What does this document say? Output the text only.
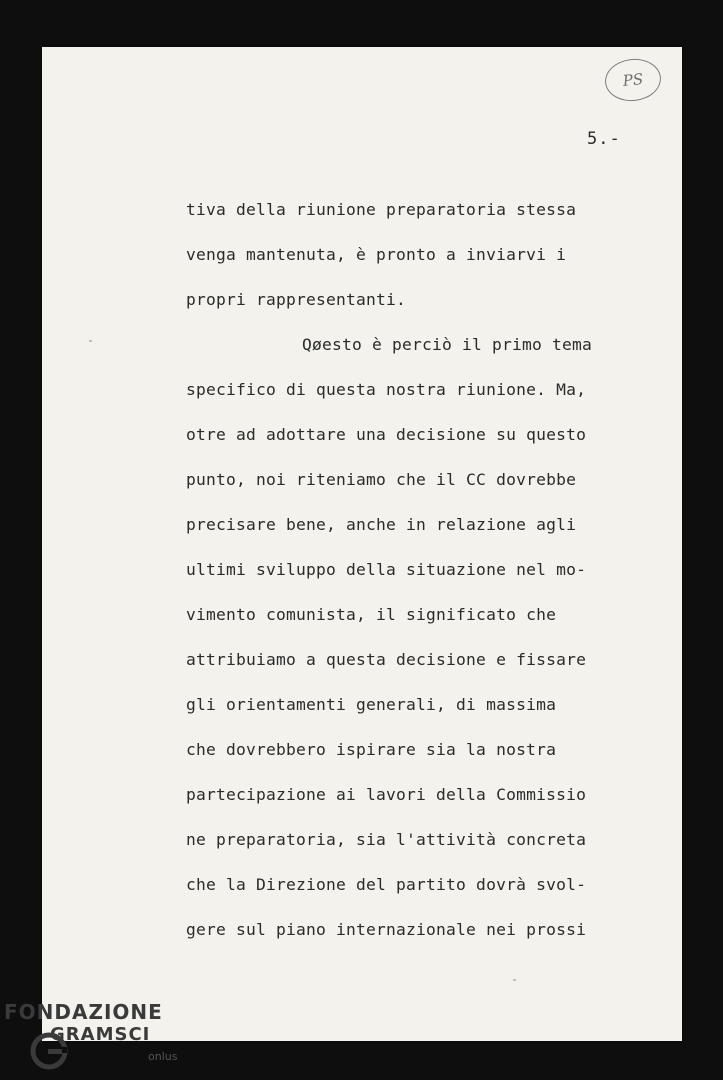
PS
5.-
tiva della riunione preparatoria stessa
venga mantenuta, è pronto a inviarvi i
propri rappresentanti.
Qøesto è perciò il primo tema
specifico di questa nostra riunione. Ma,
otre ad adottare una decisione su questo
punto, noi riteniamo che il CC dovrebbe
precisare bene, anche in relazione agli
ultimi sviluppo della situazione nel mo-
vimento comunista, il significato che
attribuiamo a questa decisione e fissare
gli orientamenti generali, di massima
che dovrebbero ispirare sia la nostra
partecipazione ai lavori della Commissio
ne preparatoria, sia l'attività concreta
che la Direzione del partito dovrà svol-
gere sul piano internazionale nei prossi
FONDAZIONE
GRAMSCI
onlus
